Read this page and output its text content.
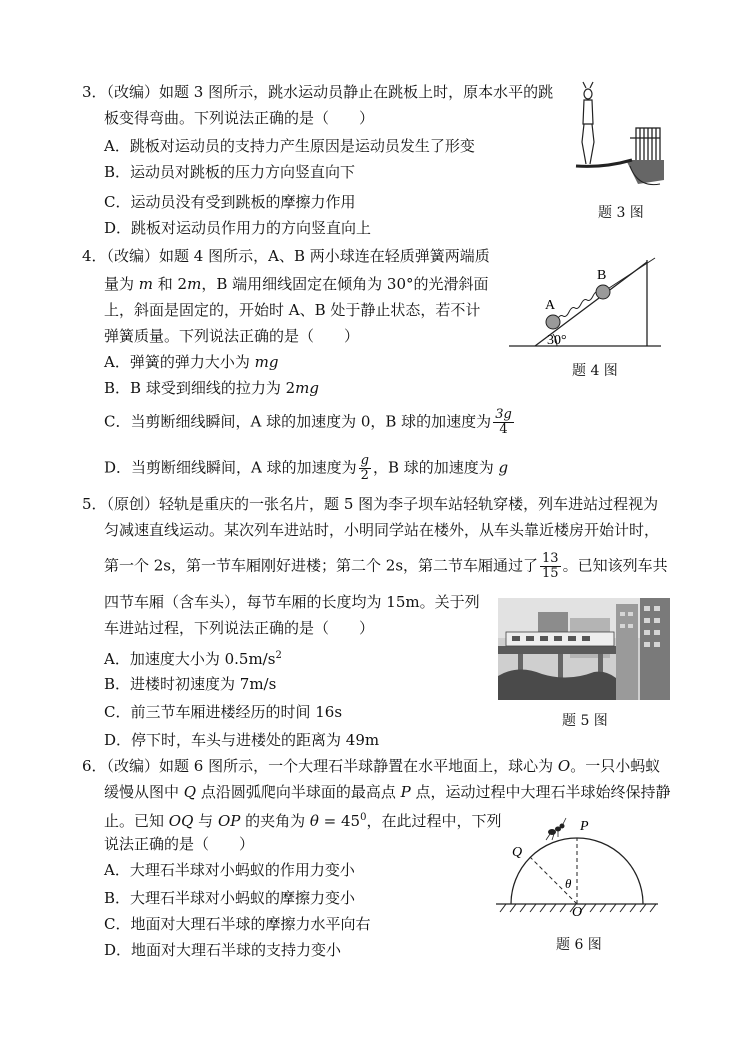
3．（改编）如题 3 图所示，跳水运动员静止在跳板上时，原本水平的跳
板变得弯曲。下列说法正确的是（　　）
A．跳板对运动员的支持力产生原因是运动员发生了形变
B．运动员对跳板的压力方向竖直向下
C．运动员没有受到跳板的摩擦力作用
D．跳板对运动员作用力的方向竖直向上
题 3 图
4．（改编）如题 4 图所示，A、B 两小球连在轻质弹簧两端质
量为 m 和 2m，B 端用细线固定在倾角为 30°的光滑斜面
上，斜面是固定的，开始时 A、B 处于静止状态，若不计
弹簧质量。下列说法正确的是（　　）
A．弹簧的弹力大小为 mg
B．B 球受到细线的拉力为 2mg
C．当剪断细线瞬间，A 球的加速度为 0，B 球的加速度为 $\frac{3g}{4}$
D．当剪断细线瞬间，A 球的加速度为 $\frac{g}{2}$ ，B 球的加速度为 g
A
B
30°
题 4 图
5．（原创）轻轨是重庆的一张名片，题 5 图为李子坝车站轻轨穿楼，列车进站过程视为
匀减速直线运动。某次列车进站时，小明同学站在楼外，从车头靠近楼房开始计时，
第一个 2s，第一节车厢刚好进楼；第二个 2s，第二节车厢通过了 $\frac{13}{15}$ 。已知该列车共
四节车厢（含车头），每节车厢的长度均为 15m。关于列
车进站过程，下列说法正确的是（　　）
A．加速度大小为 $0.5m/s^2$
B．进楼时初速度为 7m/s
C．前三节车厢进楼经历的时间 16s
D．停下时，车头与进楼处的距离为 49m
题 5 图
6．（改编）如题 6 图所示，一个大理石半球静置在水平地面上，球心为 O。一只小蚂蚁
缓慢从图中 Q 点沿圆弧爬向半球面的最高点 P 点，运动过程中大理石半球始终保持静
止。已知 OQ 与 OP 的夹角为 $\theta = 45^0$，在此过程中，下列
说法正确的是（　　）
A．大理石半球对小蚂蚁的作用力变小
B．大理石半球对小蚂蚁的摩擦力变小
C．地面对大理石半球的摩擦力水平向右
D．地面对大理石半球的支持力变小
P
Q
θ
O
题 6 图
